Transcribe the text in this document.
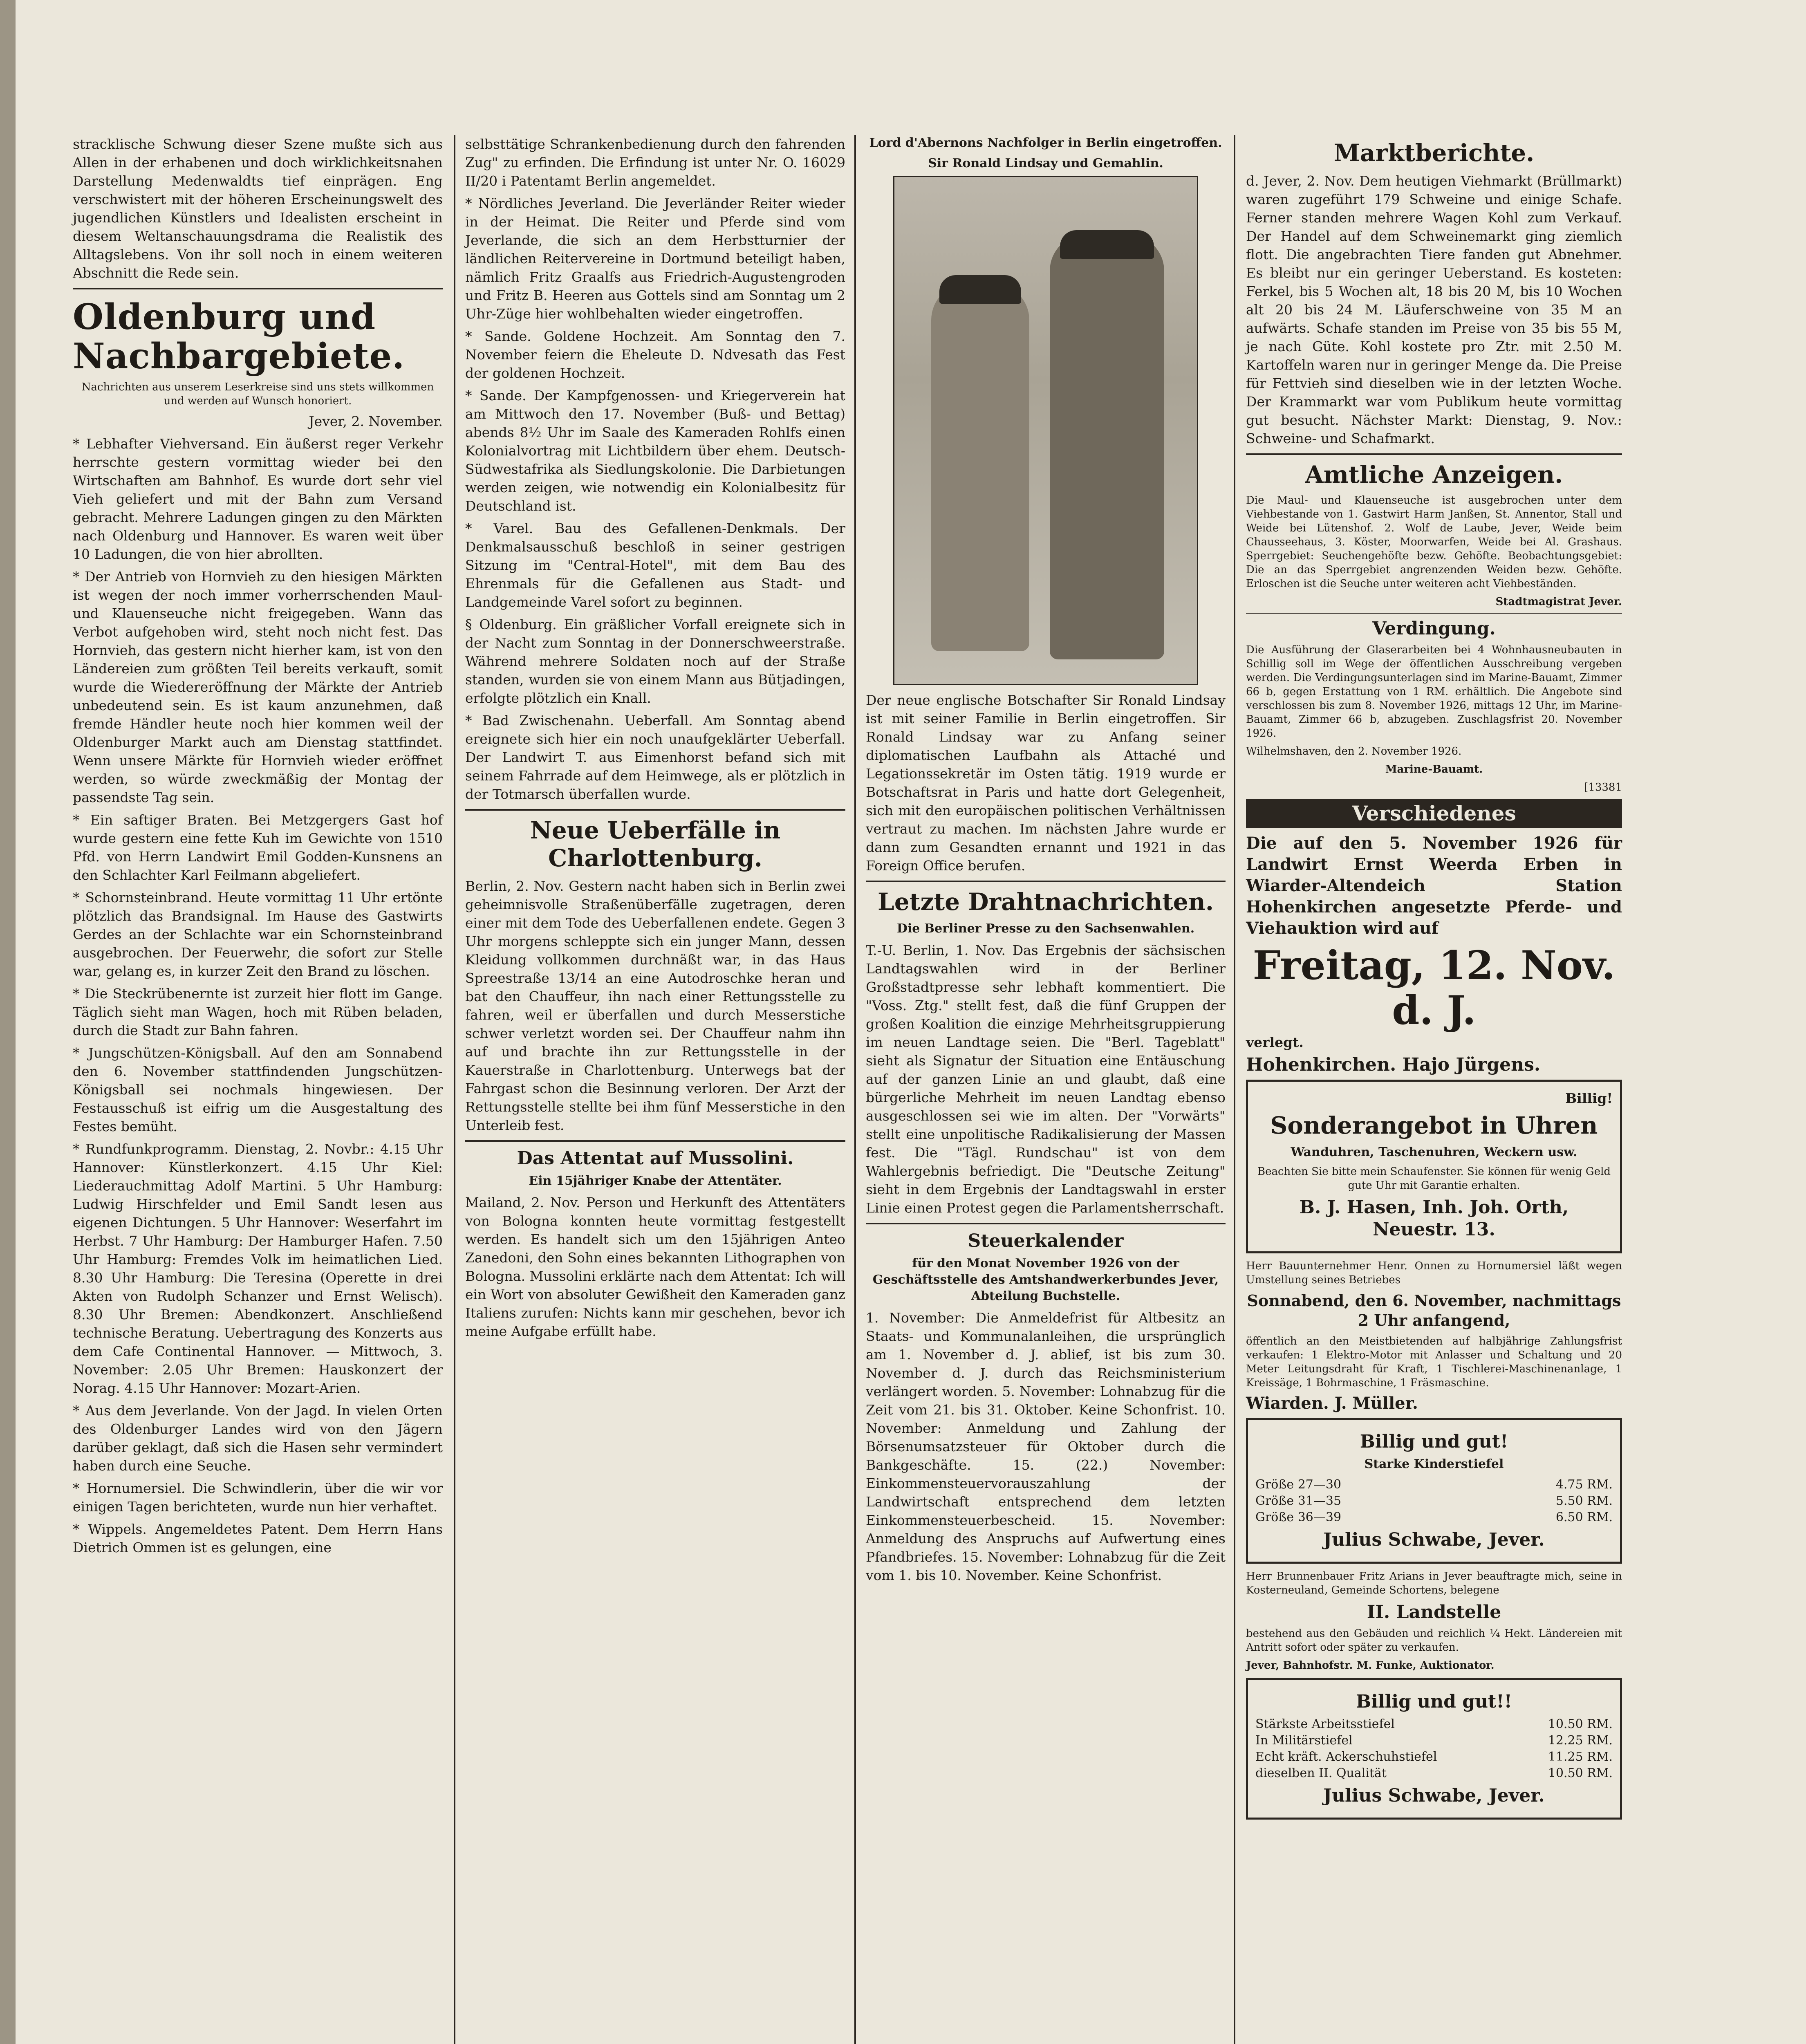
stracklische Schwung dieser Szene mußte sich aus Allen in der erhabenen und doch wirklichkeitsnahen Darstellung Medenwaldts tief einprägen. Eng verschwistert mit der höheren Erscheinungswelt des jugendlichen Künstlers und Idealisten erscheint in diesem Weltanschauungsdrama die Realistik des Alltagslebens. Von ihr soll noch in einem weiteren Abschnitt die Rede sein.

Oldenburg und Nachbargebiete.

Nachrichten aus unserem Leserkreise sind uns stets willkommen und werden auf Wunsch honoriert.

Jever, 2. November.

* Lebhafter Viehversand. Ein äußerst reger Verkehr herrschte gestern vormittag wieder bei den Wirtschaften am Bahnhof. Es wurde dort sehr viel Vieh geliefert und mit der Bahn zum Versand gebracht. Mehrere Ladungen gingen zu den Märkten nach Oldenburg und Hannover. Es waren weit über 10 Ladungen, die von hier abrollten.

* Der Antrieb von Hornvieh zu den hiesigen Märkten ist wegen der noch immer vorherrschenden Maul- und Klauenseuche nicht freigegeben. Wann das Verbot aufgehoben wird, steht noch nicht fest. Das Hornvieh, das gestern nicht hierher kam, ist von den Ländereien zum größten Teil bereits verkauft, somit wurde die Wiedereröffnung der Märkte der Antrieb unbedeutend sein. Es ist kaum anzunehmen, daß fremde Händler heute noch hier kommen weil der Oldenburger Markt auch am Dienstag stattfindet. Wenn unsere Märkte für Hornvieh wieder eröffnet werden, so würde zweckmäßig der Montag der passendste Tag sein.

* Ein saftiger Braten. Bei Metzgergers Gast hof wurde gestern eine fette Kuh im Gewichte von 1510 Pfd. von Herrn Landwirt Emil Godden-Kunsnens an den Schlachter Karl Feilmann abgeliefert.

* Schornsteinbrand. Heute vormittag 11 Uhr ertönte plötzlich das Brandsignal. Im Hause des Gastwirts Gerdes an der Schlachte war ein Schornsteinbrand ausgebrochen. Der Feuerwehr, die sofort zur Stelle war, gelang es, in kurzer Zeit den Brand zu löschen.

* Die Steckrübenernte ist zurzeit hier flott im Gange. Täglich sieht man Wagen, hoch mit Rüben beladen, durch die Stadt zur Bahn fahren.

* Jungschützen-Königsball. Auf den am Sonnabend den 6. November stattfindenden Jungschützen-Königsball sei nochmals hingewiesen. Der Festausschuß ist eifrig um die Ausgestaltung des Festes bemüht.

* Rundfunkprogramm. Dienstag, 2. Novbr.: 4.15 Uhr Hannover: Künstlerkonzert. 4.15 Uhr Kiel: Liederauchmittag Adolf Martini. 5 Uhr Hamburg: Ludwig Hirschfelder und Emil Sandt lesen aus eigenen Dichtungen. 5 Uhr Hannover: Weserfahrt im Herbst. 7 Uhr Hamburg: Der Hamburger Hafen. 7.50 Uhr Hamburg: Fremdes Volk im heimatlichen Lied. 8.30 Uhr Hamburg: Die Teresina (Operette in drei Akten von Rudolph Schanzer und Ernst Welisch). 8.30 Uhr Bremen: Abendkonzert. Anschließend technische Beratung. Uebertragung des Konzerts aus dem Cafe Continental Hannover. — Mittwoch, 3. November: 2.05 Uhr Bremen: Hauskonzert der Norag. 4.15 Uhr Hannover: Mozart-Arien.

* Aus dem Jeverlande. Von der Jagd. In vielen Orten des Oldenburger Landes wird von den Jägern darüber geklagt, daß sich die Hasen sehr vermindert haben durch eine Seuche.

* Hornumersiel. Die Schwindlerin, über die wir vor einigen Tagen berichteten, wurde nun hier verhaftet.

* Wippels. Angemeldetes Patent. Dem Herrn Hans Dietrich Ommen ist es gelungen, eine

selbsttätige Schrankenbedienung durch den fahrenden Zug" zu erfinden. Die Erfindung ist unter Nr. O. 16029 II/20 i Patentamt Berlin angemeldet.

* Nördliches Jeverland. Die Jeverländer Reiter wieder in der Heimat. Die Reiter und Pferde sind vom Jeverlande, die sich an dem Herbstturnier der ländlichen Reitervereine in Dortmund beteiligt haben, nämlich Fritz Graalfs aus Friedrich-Augustengroden und Fritz B. Heeren aus Gottels sind am Sonntag um 2 Uhr-Züge hier wohlbehalten wieder eingetroffen.

* Sande. Goldene Hochzeit. Am Sonntag den 7. November feiern die Eheleute D. Ndvesath das Fest der goldenen Hochzeit.

* Sande. Der Kampfgenossen- und Kriegerverein hat am Mittwoch den 17. November (Buß- und Bettag) abends 8½ Uhr im Saale des Kameraden Rohlfs einen Kolonialvortrag mit Lichtbildern über ehem. Deutsch-Südwestafrika als Siedlungskolonie. Die Darbietungen werden zeigen, wie notwendig ein Kolonialbesitz für Deutschland ist.

* Varel. Bau des Gefallenen-Denkmals. Der Denkmalsausschuß beschloß in seiner gestrigen Sitzung im "Central-Hotel", mit dem Bau des Ehrenmals für die Gefallenen aus Stadt- und Landgemeinde Varel sofort zu beginnen.

§ Oldenburg. Ein gräßlicher Vorfall ereignete sich in der Nacht zum Sonntag in der Donnerschweerstraße. Während mehrere Soldaten noch auf der Straße standen, wurden sie von einem Mann aus Bütjadingen, erfolgte plötzlich ein Knall.

* Bad Zwischenahn. Ueberfall. Am Sonntag abend ereignete sich hier ein noch unaufgeklärter Ueberfall. Der Landwirt T. aus Eimenhorst befand sich mit seinem Fahrrade auf dem Heimwege, als er plötzlich in der Totmarsch überfallen wurde.

Neue Ueberfälle in Charlottenburg.

Berlin, 2. Nov. Gestern nacht haben sich in Berlin zwei geheimnisvolle Straßenüberfälle zugetragen, deren einer mit dem Tode des Ueberfallenen endete. Gegen 3 Uhr morgens schleppte sich ein junger Mann, dessen Kleidung vollkommen durchnäßt war, in das Haus Spreestraße 13/14 an eine Autodroschke heran und bat den Chauffeur, ihn nach einer Rettungsstelle zu fahren, weil er überfallen und durch Messerstiche schwer verletzt worden sei. Der Chauffeur nahm ihn auf und brachte ihn zur Rettungsstelle in der Kauerstraße in Charlottenburg. Unterwegs bat der Fahrgast schon die Besinnung verloren. Der Arzt der Rettungsstelle stellte bei ihm fünf Messerstiche in den Unterleib fest.

Das Attentat auf Mussolini.
Ein 15jähriger Knabe der Attentäter.

Mailand, 2. Nov. Person und Herkunft des Attentäters von Bologna konnten heute vormittag festgestellt werden. Es handelt sich um den 15jährigen Anteo Zanedoni, den Sohn eines bekannten Lithographen von Bologna. Mussolini erklärte nach dem Attentat: Ich will ein Wort von absoluter Gewißheit den Kameraden ganz Italiens zurufen: Nichts kann mir geschehen, bevor ich meine Aufgabe erfüllt habe.

Lord d'Abernons Nachfolger in Berlin eingetroffen.
Sir Ronald Lindsay und Gemahlin.

Der neue englische Botschafter Sir Ronald Lindsay ist mit seiner Familie in Berlin eingetroffen. Sir Ronald Lindsay war zu Anfang seiner diplomatischen Laufbahn als Attaché und Legationssekretär im Osten tätig. 1919 wurde er Botschaftsrat in Paris und hatte dort Gelegenheit, sich mit den europäischen politischen Verhältnissen vertraut zu machen. Im nächsten Jahre wurde er dann zum Gesandten ernannt und 1921 in das Foreign Office berufen.

Letzte Drahtnachrichten.
Die Berliner Presse zu den Sachsenwahlen.

T.-U. Berlin, 1. Nov. Das Ergebnis der sächsischen Landtagswahlen wird in der Berliner Großstadtpresse sehr lebhaft kommentiert. Die "Voss. Ztg." stellt fest, daß die fünf Gruppen der großen Koalition die einzige Mehrheitsgruppierung im neuen Landtage seien. Die "Berl. Tageblatt" sieht als Signatur der Situation eine Entäuschung auf der ganzen Linie an und glaubt, daß eine bürgerliche Mehrheit im neuen Landtag ebenso ausgeschlossen sei wie im alten. Der "Vorwärts" stellt eine unpolitische Radikalisierung der Massen fest. Die "Tägl. Rundschau" ist von dem Wahlergebnis befriedigt. Die "Deutsche Zeitung" sieht in dem Ergebnis der Landtagswahl in erster Linie einen Protest gegen die Parlamentsherrschaft.

Steuerkalender
für den Monat November 1926 von der Geschäftsstelle des Amtshandwerkerbundes Jever, Abteilung Buchstelle.

1. November: Die Anmeldefrist für Altbesitz an Staats- und Kommunalanleihen, die ursprünglich am 1. November d. J. ablief, ist bis zum 30. November d. J. durch das Reichsministerium verlängert worden. 5. November: Lohnabzug für die Zeit vom 21. bis 31. Oktober. Keine Schonfrist. 10. November: Anmeldung und Zahlung der Börsenumsatzsteuer für Oktober durch die Bankgeschäfte. 15. (22.) November: Einkommensteuervorauszahlung der Landwirtschaft entsprechend dem letzten Einkommensteuerbescheid. 15. November: Anmeldung des Anspruchs auf Aufwertung eines Pfandbriefes. 15. November: Lohnabzug für die Zeit vom 1. bis 10. November. Keine Schonfrist.

Marktberichte.

d. Jever, 2. Nov. Dem heutigen Viehmarkt (Brüllmarkt) waren zugeführt 179 Schweine und einige Schafe. Ferner standen mehrere Wagen Kohl zum Verkauf. Der Handel auf dem Schweinemarkt ging ziemlich flott. Die angebrachten Tiere fanden gut Abnehmer. Es bleibt nur ein geringer Ueberstand. Es kosteten: Ferkel, bis 5 Wochen alt, 18 bis 20 M, bis 10 Wochen alt 20 bis 24 M. Läuferschweine von 35 M an aufwärts. Schafe standen im Preise von 35 bis 55 M, je nach Güte. Kohl kostete pro Ztr. mit 2.50 M. Kartoffeln waren nur in geringer Menge da. Die Preise für Fettvieh sind dieselben wie in der letzten Woche. Der Krammarkt war vom Publikum heute vormittag gut besucht. Nächster Markt: Dienstag, 9. Nov.: Schweine- und Schafmarkt.

Amtliche Anzeigen.

Die Maul- und Klauenseuche ist ausgebrochen unter dem Viehbestande von 1. Gastwirt Harm Janßen, St. Annentor, Stall und Weide bei Lütenshof. 2. Wolf de Laube, Jever, Weide beim Chausseehaus, 3. Köster, Moorwarfen, Weide bei Al. Grashaus. Sperrgebiet: Seuchengehöfte bezw. Gehöfte. Beobachtungsgebiet: Die an das Sperrgebiet angrenzenden Weiden bezw. Gehöfte. Erloschen ist die Seuche unter weiteren acht Viehbeständen.

Stadtmagistrat Jever.

Verdingung.

Die Ausführung der Glaserarbeiten bei 4 Wohnhausneubauten in Schillig soll im Wege der öffentlichen Ausschreibung vergeben werden. Die Verdingungsunterlagen sind im Marine-Bauamt, Zimmer 66 b, gegen Erstattung von 1 RM. erhältlich. Die Angebote sind verschlossen bis zum 8. November 1926, mittags 12 Uhr, im Marine-Bauamt, Zimmer 66 b, abzugeben. Zuschlagsfrist 20. November 1926.

Wilhelmshaven, den 2. November 1926.

Marine-Bauamt.

[13381

Verschiedenes

Die auf den 5. November 1926 für Landwirt Ernst Weerda Erben in Wiarder-Altendeich Station Hohenkirchen angesetzte Pferde- und Viehauktion wird auf

Freitag, 12. Nov. d. J.

verlegt.

Hohenkirchen. Hajo Jürgens.

Billig!

Sonderangebot in Uhren
Wanduhren, Taschenuhren, Weckern usw.

Beachten Sie bitte mein Schaufenster. Sie können für wenig Geld gute Uhr mit Garantie erhalten.

B. J. Hasen, Inh. Joh. Orth, Neuestr. 13.

Herr Bauunternehmer Henr. Onnen zu Hornumersiel läßt wegen Umstellung seines Betriebes

Sonnabend, den 6. November, nachmittags 2 Uhr anfangend,

öffentlich an den Meistbietenden auf halbjährige Zahlungsfrist verkaufen: 1 Elektro-Motor mit Anlasser und Schaltung und 20 Meter Leitungsdraht für Kraft, 1 Tischlerei-Maschinenanlage, 1 Kreissäge, 1 Bohrmaschine, 1 Fräsmaschine.

Wiarden. J. Müller.

Billig und gut!
Starke Kinderstiefel
Größe 27—30	4.75 RM.
Größe 31—35	5.50 RM.
Größe 36—39	6.50 RM.
Julius Schwabe, Jever.

Herr Brunnenbauer Fritz Arians in Jever beauftragte mich, seine in Kosterneuland, Gemeinde Schortens, belegene

II. Landstelle

bestehend aus den Gebäuden und reichlich ¼ Hekt. Ländereien mit Antritt sofort oder später zu verkaufen.

Jever, Bahnhofstr. M. Funke, Auktionator.

Billig und gut!!
Stärkste Arbeitsstiefel	10.50 RM.
In Militärstiefel	12.25 RM.
Echt kräft. Ackerschuhstiefel	11.25 RM.
dieselben II. Qualität	10.50 RM.
Julius Schwabe, Jever.
